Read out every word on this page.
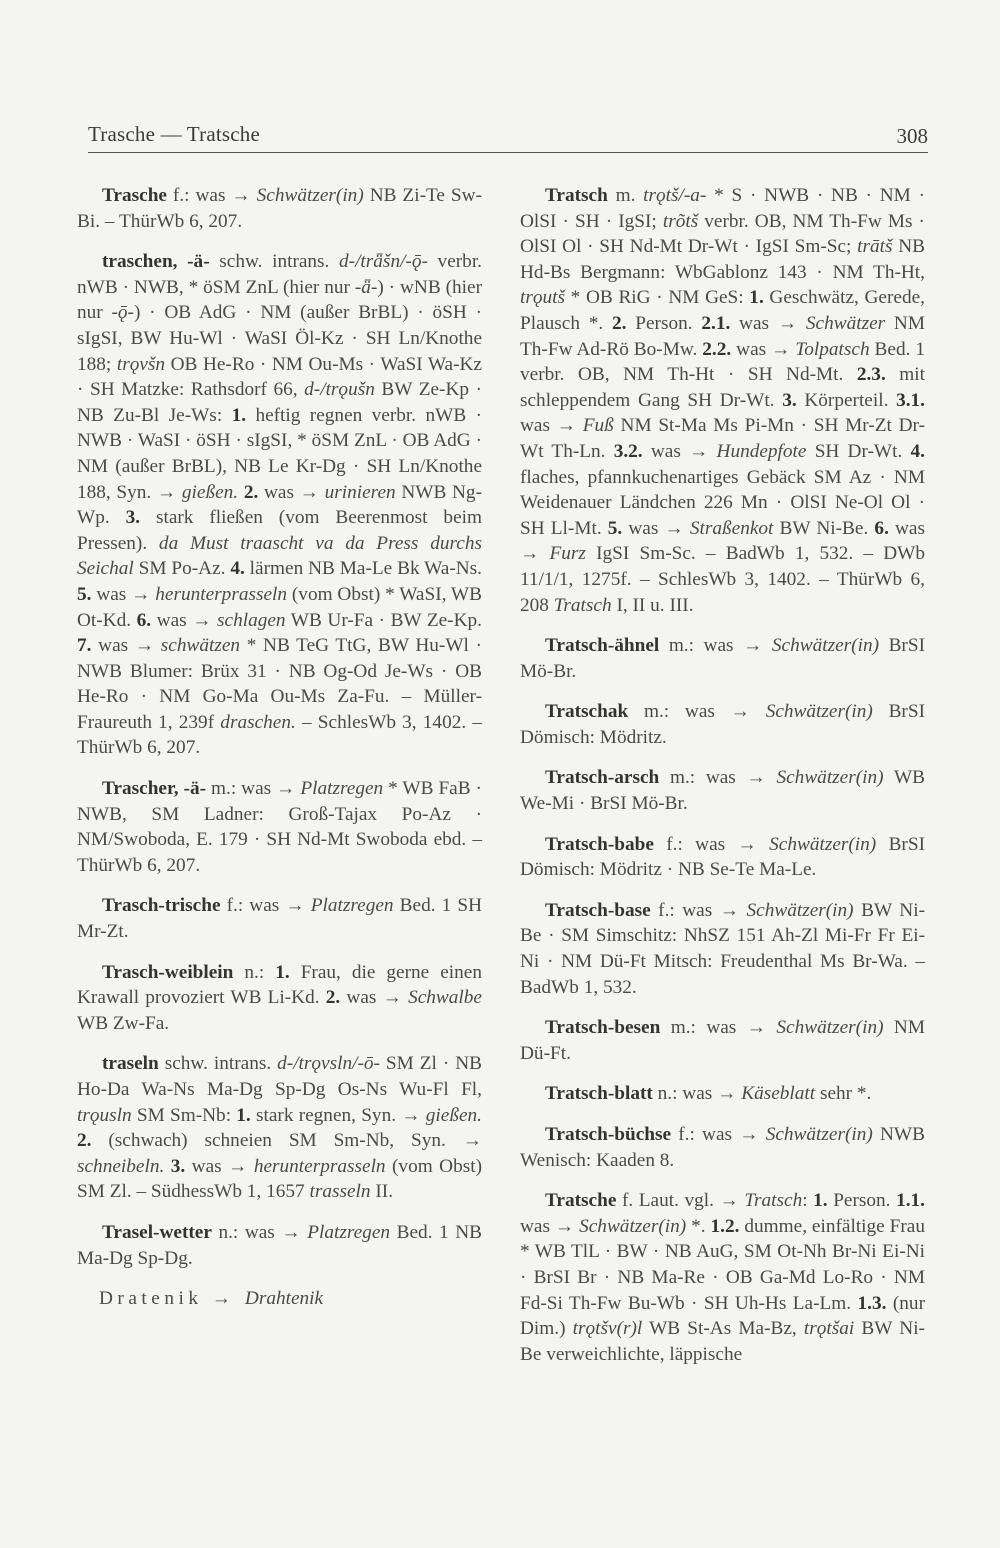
Trasche — Tratsche	308

Trasche f.: was → Schwätzer(in) NB Zi-Te Sw-Bi. – ThürWb 6, 207.

traschen, -ä- schw. intrans. d-/trǟšn/-ǭ- verbr. nWB · NWB, * öSM ZnL (hier nur -ǟ-) · wNB (hier nur -ǭ-) · OB AdG · NM (außer BrBL) · öSH · sIgSI, BW Hu-Wl · WaSI Öl-Kz · SH Ln/Knothe 188; trǫvšn OB He-Ro · NM Ou-Ms · WaSI Wa-Kz · SH Matzke: Rathsdorf 66, d-/trǫušn BW Ze-Kp · NB Zu-Bl Je-Ws: 1. heftig regnen verbr. nWB · NWB · WaSI · öSH · sIgSI, * öSM ZnL · OB AdG · NM (außer BrBL), NB Le Kr-Dg · SH Ln/Knothe 188, Syn. → gießen. 2. was → urinieren NWB Ng-Wp. 3. stark fließen (vom Beerenmost beim Pressen). da Must traascht va da Press durchs Seichal SM Po-Az. 4. lärmen NB Ma-Le Bk Wa-Ns. 5. was → herunterprasseln (vom Obst) * WaSI, WB Ot-Kd. 6. was → schlagen WB Ur-Fa · BW Ze-Kp. 7. was → schwätzen * NB TeG TtG, BW Hu-Wl · NWB Blumer: Brüx 31 · NB Og-Od Je-Ws · OB He-Ro · NM Go-Ma Ou-Ms Za-Fu. – Müller-Fraureuth 1, 239f draschen. – SchlesWb 3, 1402. – ThürWb 6, 207.

Trascher, -ä- m.: was → Platzregen * WB FaB · NWB, SM Ladner: Groß-Tajax Po-Az · NM/Swoboda, E. 179 · SH Nd-Mt Swoboda ebd. – ThürWb 6, 207.

Trasch-trische f.: was → Platzregen Bed. 1 SH Mr-Zt.

Trasch-weiblein n.: 1. Frau, die gerne einen Krawall provoziert WB Li-Kd. 2. was → Schwalbe WB Zw-Fa.

traseln schw. intrans. d-/trǫvsln/-ō- SM Zl · NB Ho-Da Wa-Ns Ma-Dg Sp-Dg Os-Ns Wu-Fl Fl, trǫusln SM Sm-Nb: 1. stark regnen, Syn. → gießen. 2. (schwach) schneien SM Sm-Nb, Syn. → schneibeln. 3. was → herunterprasseln (vom Obst) SM Zl. – SüdhessWb 1, 1657 trasseln II.

Trasel-wetter n.: was → Platzregen Bed. 1 NB Ma-Dg Sp-Dg.

Dratenik → Drahtenik

Tratsch m. trǫtš/-a- * S · NWB · NB · NM · OlSI · SH · IgSI; trõtš verbr. OB, NM Th-Fw Ms · OlSI Ol · SH Nd-Mt Dr-Wt · IgSI Sm-Sc; trātš NB Hd-Bs Bergmann: WbGablonz 143 · NM Th-Ht, trǫutš * OB RiG · NM GeS: 1. Geschwätz, Gerede, Plausch *. 2. Person. 2.1. was → Schwätzer NM Th-Fw Ad-Rö Bo-Mw. 2.2. was → Tolpatsch Bed. 1 verbr. OB, NM Th-Ht · SH Nd-Mt. 2.3. mit schleppendem Gang SH Dr-Wt. 3. Körperteil. 3.1. was → Fuß NM St-Ma Ms Pi-Mn · SH Mr-Zt Dr-Wt Th-Ln. 3.2. was → Hundepfote SH Dr-Wt. 4. flaches, pfannkuchenartiges Gebäck SM Az · NM Weidenauer Ländchen 226 Mn · OlSI Ne-Ol Ol · SH Ll-Mt. 5. was → Straßenkot BW Ni-Be. 6. was → Furz IgSI Sm-Sc. – BadWb 1, 532. – DWb 11/1/1, 1275f. – SchlesWb 3, 1402. – ThürWb 6, 208 Tratsch I, II u. III.

Tratsch-ähnel m.: was → Schwätzer(in) BrSI Mö-Br.

Tratschak m.: was → Schwätzer(in) BrSI Dömisch: Mödritz.

Tratsch-arsch m.: was → Schwätzer(in) WB We-Mi · BrSI Mö-Br.

Tratsch-babe f.: was → Schwätzer(in) BrSI Dömisch: Mödritz · NB Se-Te Ma-Le.

Tratsch-base f.: was → Schwätzer(in) BW Ni-Be · SM Simschitz: NhSZ 151 Ah-Zl Mi-Fr Fr Ei-Ni · NM Dü-Ft Mitsch: Freudenthal Ms Br-Wa. – BadWb 1, 532.

Tratsch-besen m.: was → Schwätzer(in) NM Dü-Ft.

Tratsch-blatt n.: was → Käseblatt sehr *.

Tratsch-büchse f.: was → Schwätzer(in) NWB Wenisch: Kaaden 8.

Tratsche f. Laut. vgl. → Tratsch: 1. Person. 1.1. was → Schwätzer(in) *. 1.2. dumme, einfältige Frau * WB TlL · BW · NB AuG, SM Ot-Nh Br-Ni Ei-Ni · BrSI Br · NB Ma-Re · OB Ga-Md Lo-Ro · NM Fd-Si Th-Fw Bu-Wb · SH Uh-Hs La-Lm. 1.3. (nur Dim.) trǫtšv(r)l WB St-As Ma-Bz, trǫtšai BW Ni-Be verweichlichte, läppische
